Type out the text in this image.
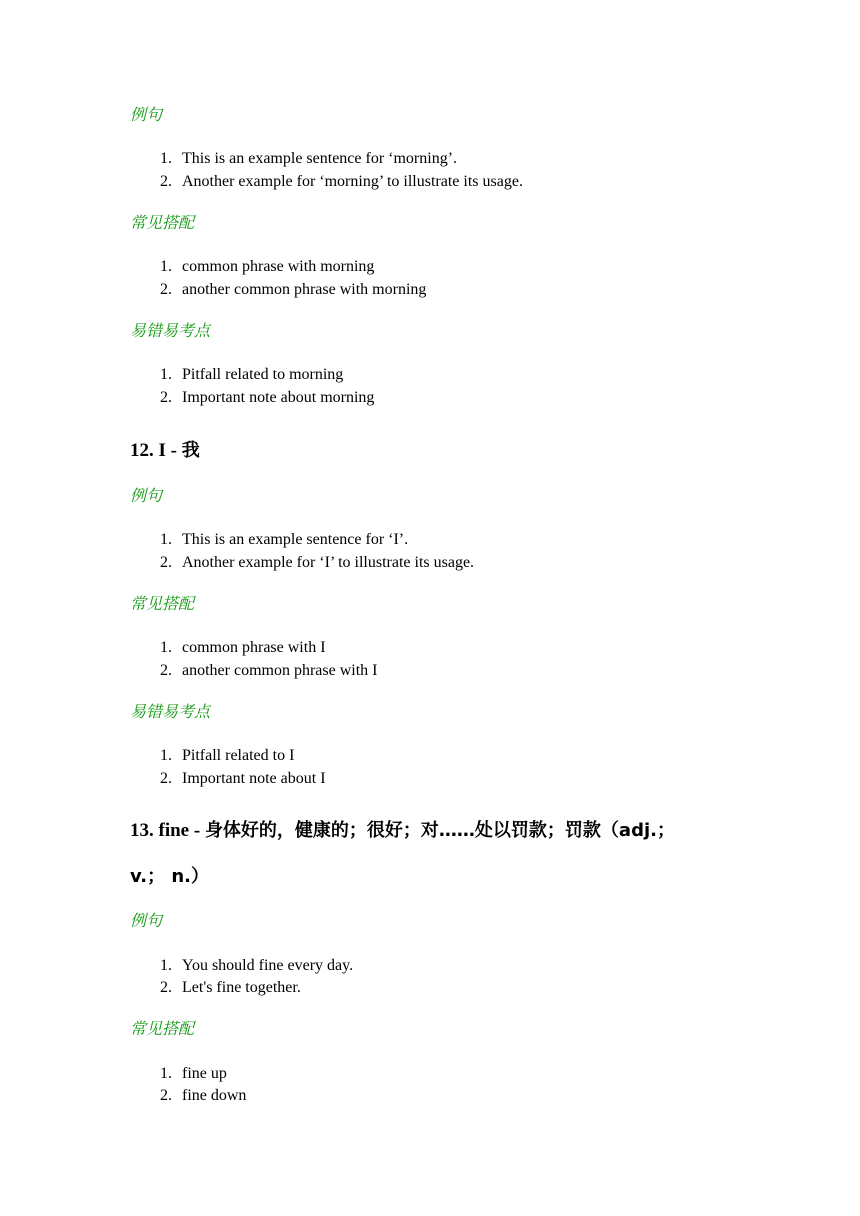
例句
1. This is an example sentence for ‘morning’.
2. Another example for ‘morning’ to illustrate its usage.
常见搭配
1. common phrase with morning
2. another common phrase with morning
易错易考点
1. Pitfall related to morning
2. Important note about morning
12. I - 我
例句
1. This is an example sentence for ‘I’.
2. Another example for ‘I’ to illustrate its usage.
常见搭配
1. common phrase with I
2. another common phrase with I
易错易考点
1. Pitfall related to I
2. Important note about I
13. fine - 身体好的，健康的；很好；对……处以罚款；罚款（adj.；
v.； n.）
例句
1. You should fine every day.
2. Let's fine together.
常见搭配
1. fine up
2. fine down
